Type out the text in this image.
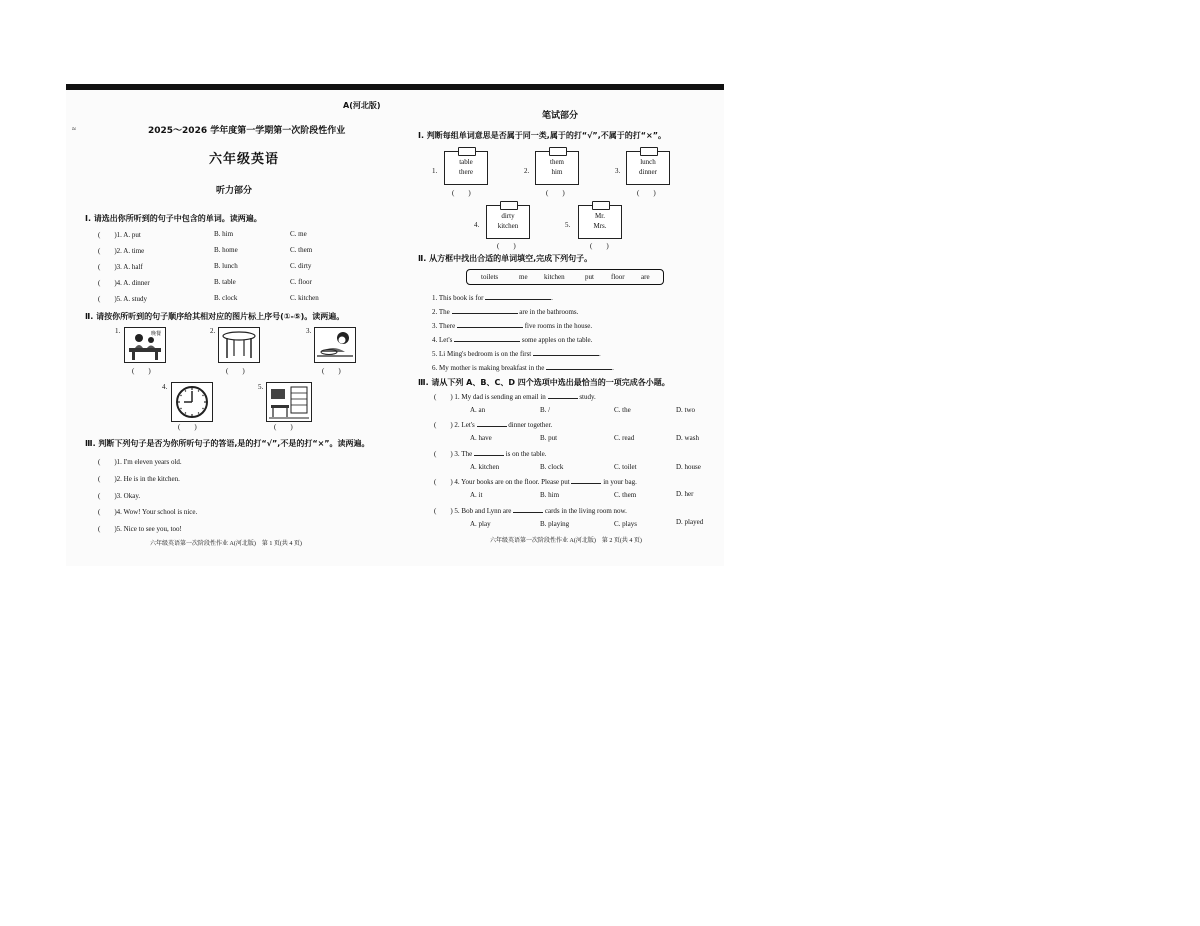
A(河北版)
≈	2025～2026 学年度第一学期第一次阶段性作业
六年级英语
听力部分
Ⅰ. 请选出你所听到的句子中包含的单词。读两遍。
(　　)1. A. put	B. him	C. me
(　　)2. A. time	B. home	C. them
(　　)3. A. half	B. lunch	C. dirty
(　　)4. A. dinner	B. table	C. floor
(　　)5. A. study	B. clock	C. kitchen
Ⅱ. 请按你所听到的句子顺序给其相对应的图片标上序号(①-⑤)。读两遍。
1.	晚餐
(　　)
2.
(　　)
3.
(　　)
4.
(　　)
5.
(　　)
Ⅲ. 判断下列句子是否为你所听句子的答语,是的打“√”,不是的打“×”。读两遍。
(　　)1. I'm eleven years old.
(　　)2. He is in the kitchen.
(　　)3. Okay.
(　　)4. Wow! Your school is nice.
(　　)5. Nice to see you, too!
六年级英语第一次阶段性作业 A(河北版)　第 1 页(共 4 页)
笔试部分
Ⅰ. 判断每组单词意思是否属于同一类,属于的打“√”,不属于的打“×”。
1.
table
there
(　　)
2.
them
him
(　　)
3.
lunch
dinner
(　　)
4.
dirty
kitchen
(　　)
5.
Mr.
Mrs.
(　　)
Ⅱ. 从方框中找出合适的单词填空,完成下列句子。
toilets	me kitchen	put floor are
1. This book is for	.
2. The	are in the bathrooms.
3. There	five rooms in the house.
4. Let's	some apples on the table.
5. Li Ming's bedroom is on the first	.
6. My mother is making breakfast in the	.
Ⅲ. 请从下列 A、B、C、D 四个选项中选出最恰当的一项完成各小题。
(　　) 1. My dad is sending an email in	study.
A. an	B. /	C. the	D. two
(　　) 2. Let's	dinner together.
A. have	B. put	C. read	D. wash
(　　) 3. The	is on the table.
A. kitchen	B. clock	C. toilet	D. house
(　　) 4. Your books are on the floor. Please put	in your bag.
A. it	B. him	C. them	D. her
(　　) 5. Bob and Lynn are	cards in the living room now.
A. play	B. playing	C. plays	D. played
六年级英语第一次阶段性作业 A(河北版)　第 2 页(共 4 页)
